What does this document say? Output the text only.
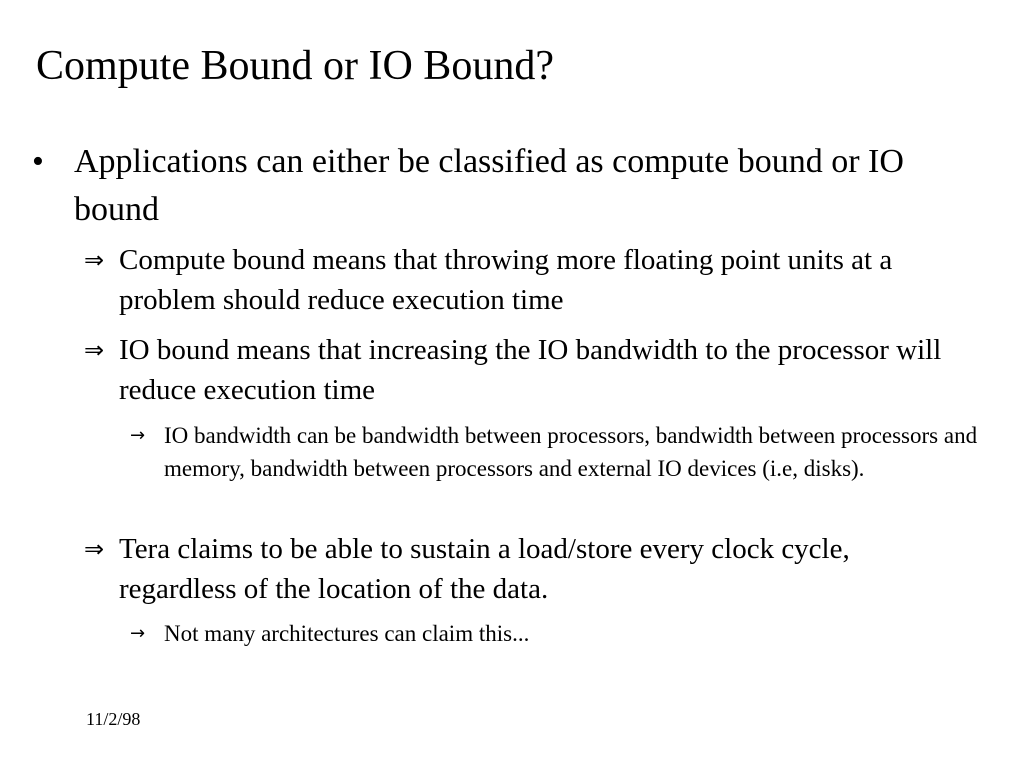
Compute Bound or IO Bound?
• Applications can either be classified as compute bound or IO bound
⇒ Compute bound means that throwing more floating point units at a problem should reduce execution time
⇒ IO bound means that increasing the IO bandwidth to the processor will reduce execution time
→ IO bandwidth can be bandwidth between processors, bandwidth between processors and memory, bandwidth between processors and external IO devices (i.e, disks).
⇒ Tera claims to be able to sustain a load/store every clock cycle, regardless of the location of the data.
→ Not many architectures can claim this...
11/2/98
